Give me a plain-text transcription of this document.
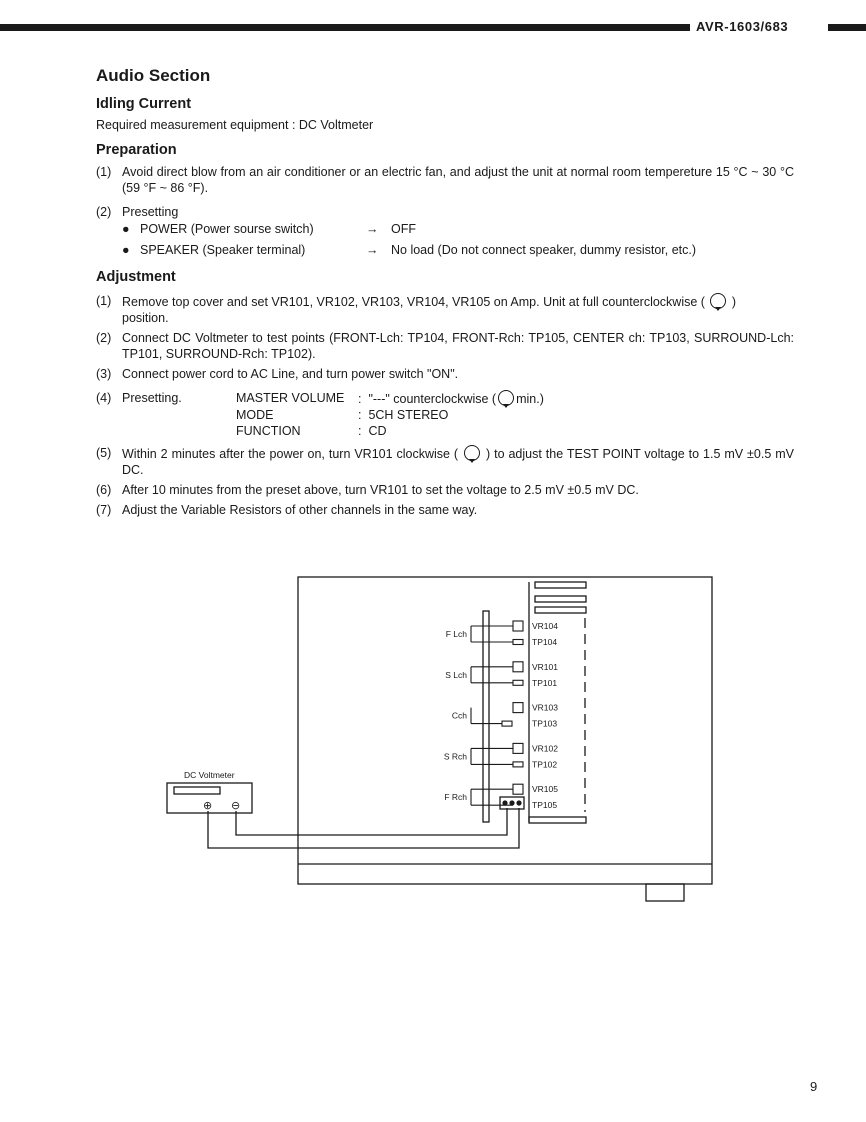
AVR-1603/683
Audio Section
Idling Current

Required measurement equipment : DC Voltmeter

Preparation
(1) Avoid direct blow from an air conditioner or an electric fan, and adjust the unit at normal room tempereture 15 °C ~ 30 °C (59 °F ~ 86 °F).
(2) Presetting
● POWER (Power sourse switch)	→	OFF
● SPEAKER (Speaker terminal)	→	No load (Do not connect speaker, dummy resistor, etc.)
Adjustment
(1) Remove top cover and set VR101, VR102, VR103, VR104, VR105 on Amp. Unit at full counterclockwise ( )
position.
(2) Connect DC Voltmeter to test points (FRONT-Lch: TP104, FRONT-Rch: TP105, CENTER ch: TP103, SURROUND-Lch: TP101, SURROUND-Rch: TP102).
(3) Connect power cord to AC Line, and turn power switch "ON".
(4) Presetting.	MASTER VOLUME	: "---" counterclockwise ( min.)
MODE	: 5CH STEREO
FUNCTION	: CD
(5) Within 2 minutes after the power on, turn VR101 clockwise ( ) to adjust the TEST POINT voltage to 1.5 mV ±0.5 mV DC.
(6) After 10 minutes from the preset above, turn VR101 to set the voltage to 2.5 mV ±0.5 mV DC.
(7) Adjust the Variable Resistors of other channels in the same way.
DC Voltmeter
⊕ ⊖
F Lch
VR104
TP104
S Lch
VR101
TP101
Cch
VR103
TP103
S Rch
VR102
TP102
F Rch
VR105
TP105
9
